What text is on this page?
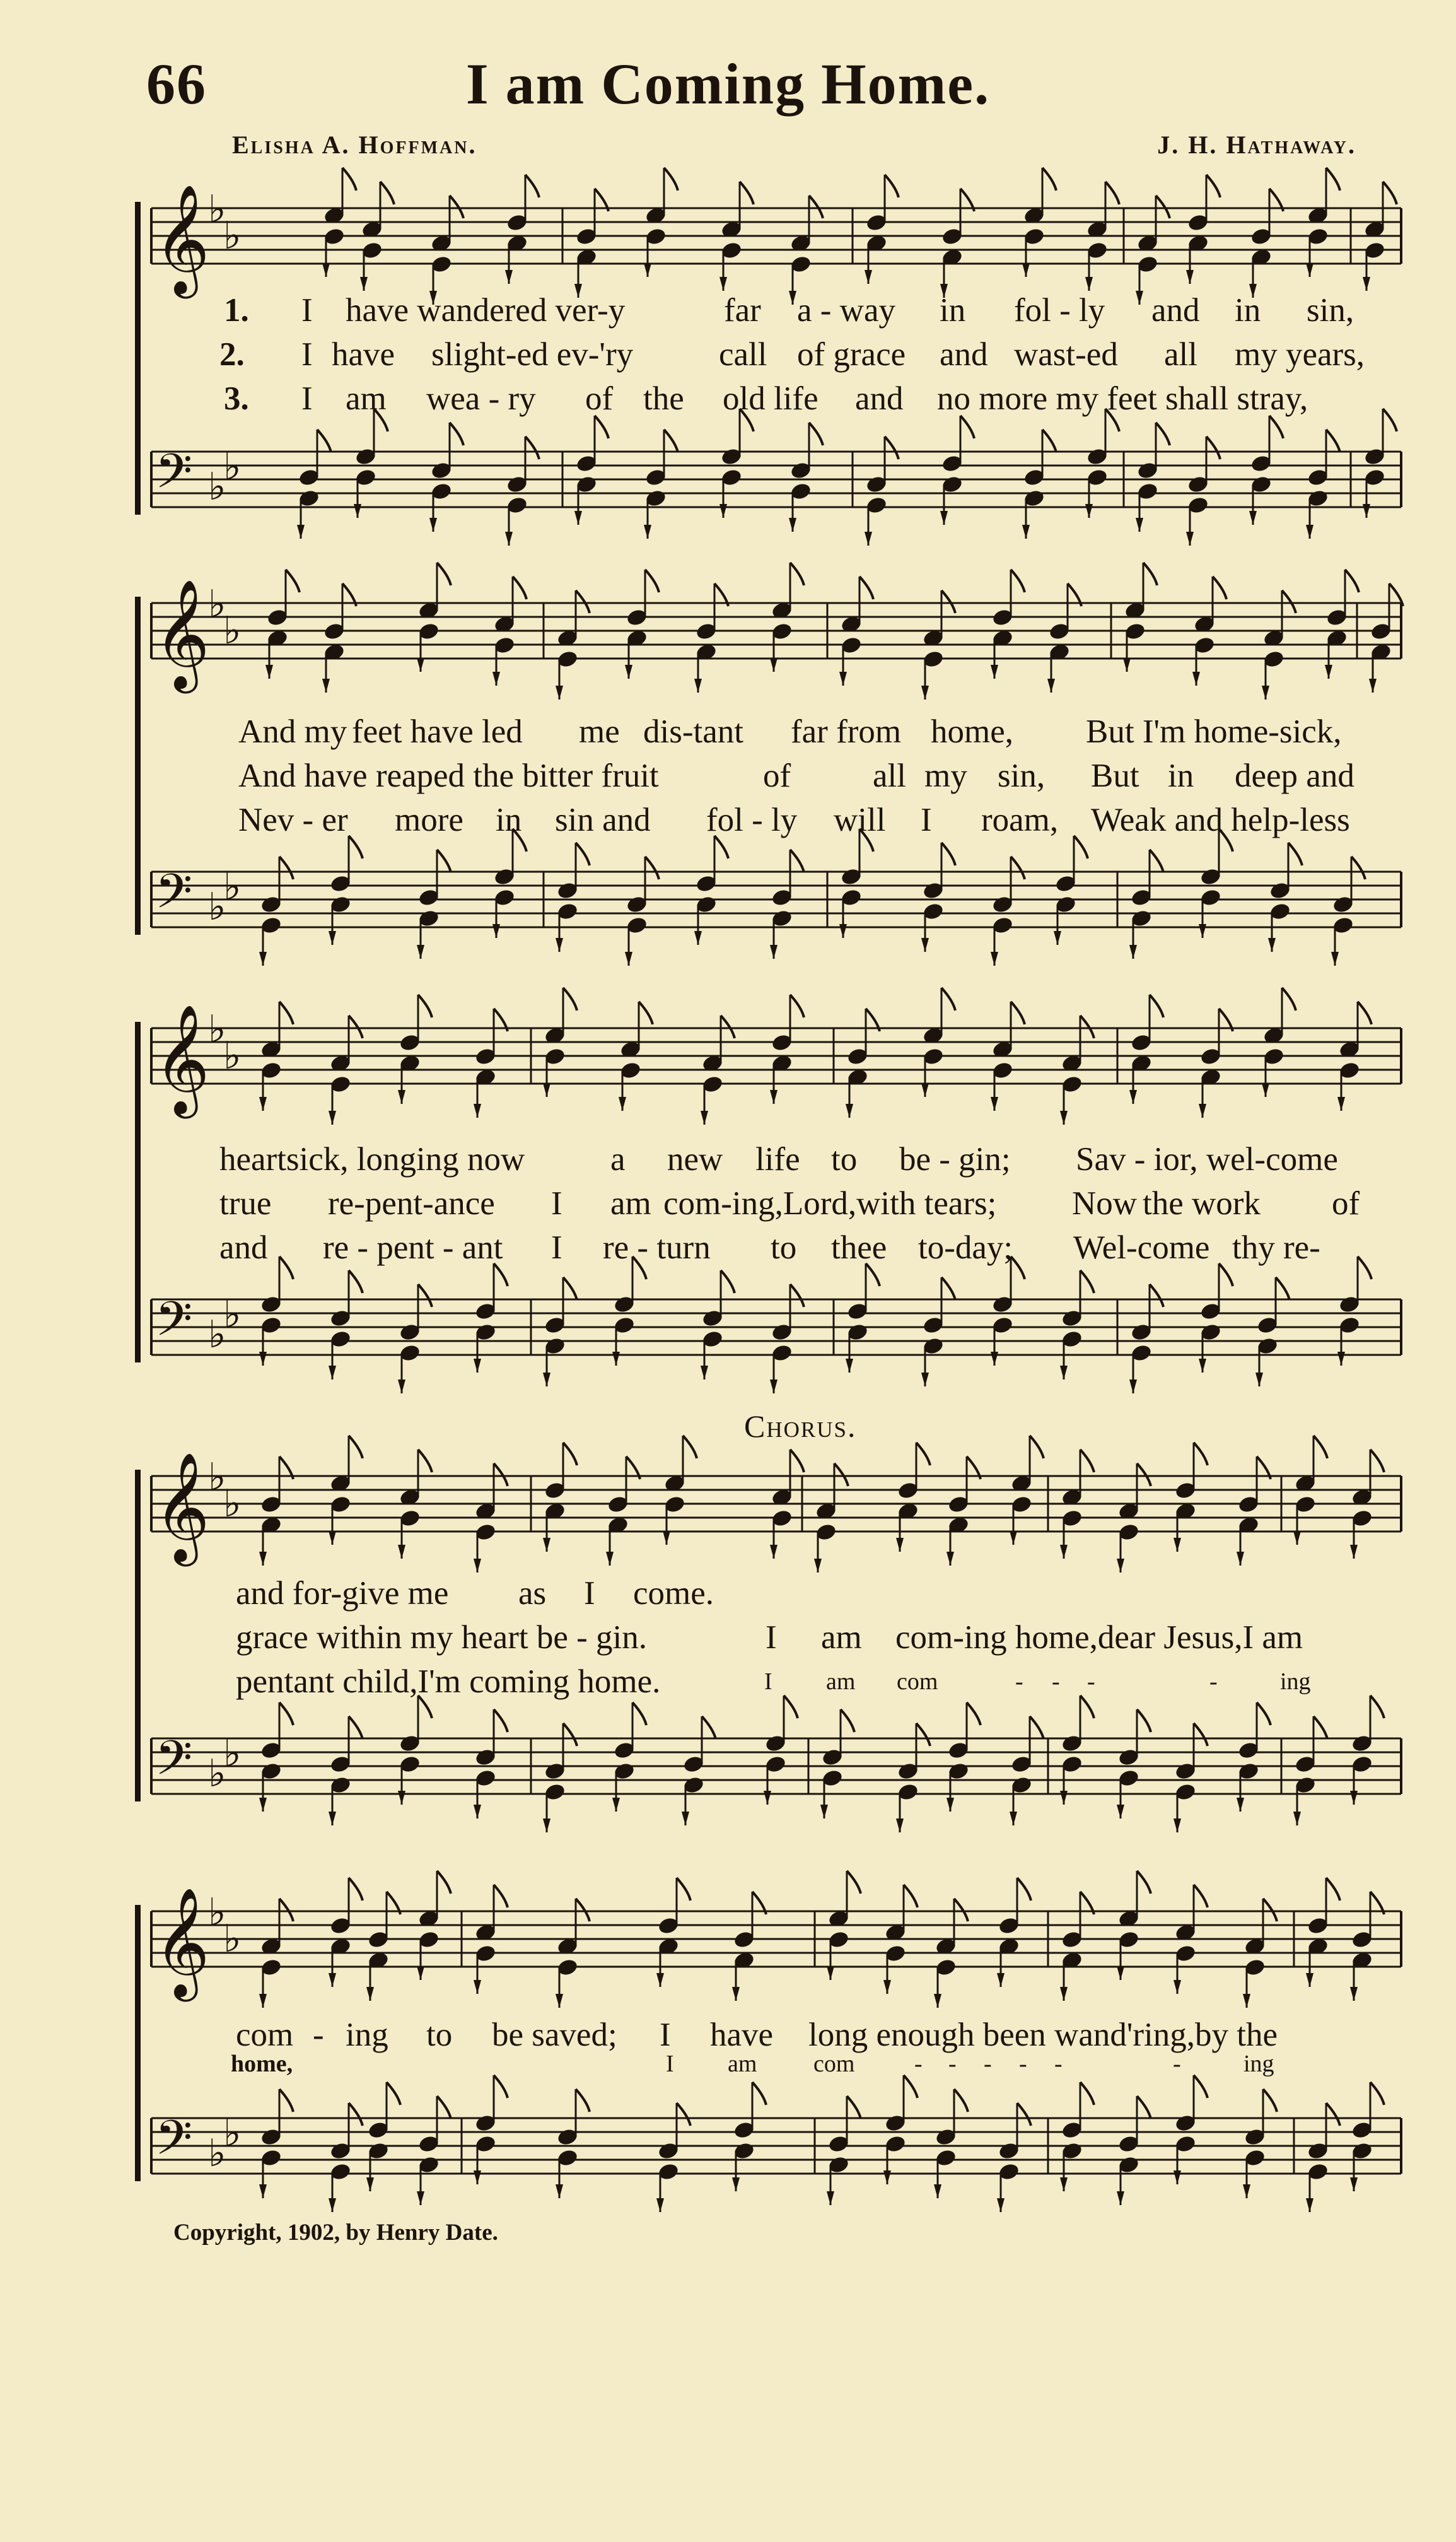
66	I am Coming Home.
Elisha A. Hoffman.	J. H. Hathaway.
𝄞
♭
♭

1.

I

have wandered ver-y

	far

a - way

in

fol - ly

and

in

sin,

2.

I

have

slight-ed ev-'ry

	call

of grace

and

wast-ed

all

my years,

3.

I

am

wea - ry

of

the

old life

and

no more my feet shall stray,

𝄢 ♭
♭
𝄞
♭
♭

And my

feet have led

me

dis-tant

far from

home,

But I'm home-sick,

And have reaped the bitter fruit

	of

all

my

sin,

But

in

deep and

Nev - er

more

in

sin and

fol - ly

will

I

roam,

Weak and help-less

𝄢 ♭
♭
𝄞
♭
♭

heartsick, longing now

	a

new

life

to

be - gin;

Sav - ior, wel-come

true

re-pent-ance

I

am

com-ing,Lord,with tears;

Now

the work

of

and

re - pent - ant

I

re - turn

to

thee

to-day;

Wel-come

thy re-

𝄢 ♭
♭
Chorus.
𝄞
♭
♭

and for-give me

as

I

come.

grace within my heart be - gin.

	I

am

com-ing home,dear Jesus,I am

pentant child,I'm coming home.

	I

am

com

	-

-

-

	-

	ing

𝄢 ♭
♭
𝄞
♭
♭

com

-

ing

to

be saved;

I

have

long enough been wand'ring,by the

home,

	I

am

com

-

-

-

-

-

	-

	ing

𝄢 ♭
♭
Copyright, 1902, by Henry Date.
